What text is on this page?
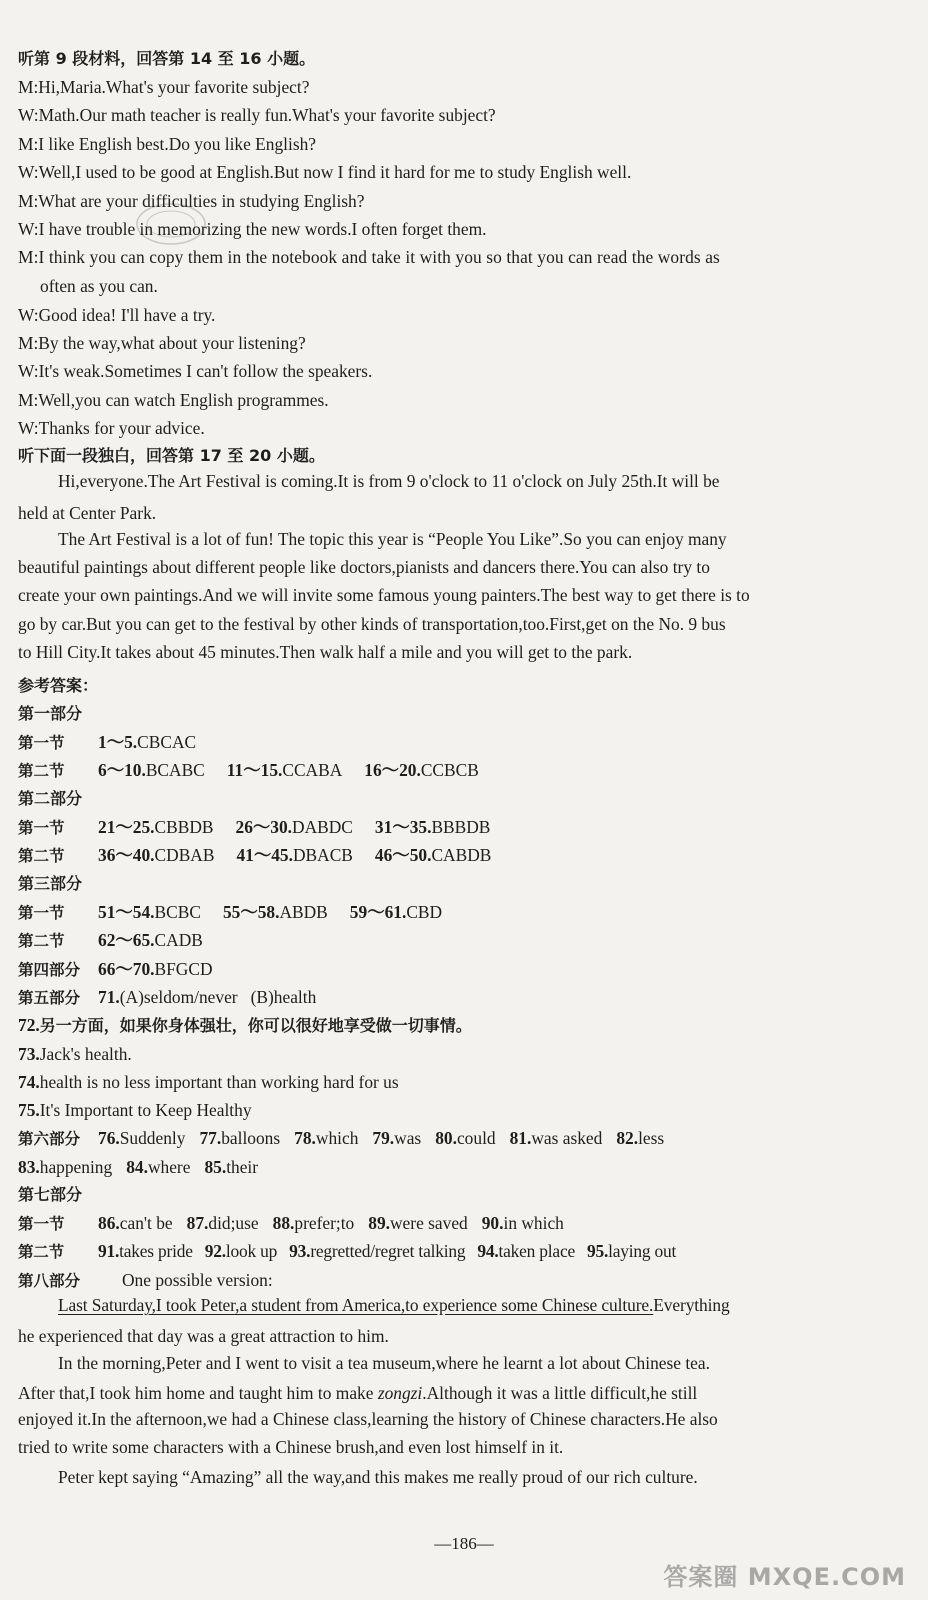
听第 9 段材料，回答第 14 至 16 小题。
M:Hi,Maria.What's your favorite subject?
W:Math.Our math teacher is really fun.What's your favorite subject?
M:I like English best.Do you like English?
W:Well,I used to be good at English.But now I find it hard for me to study English well.
M:What are your difficulties in studying English?
W:I have trouble in memorizing the new words.I often forget them.
M:I think you can copy them in the notebook and take it with you so that you can read the words as
often as you can.
W:Good idea! I'll have a try.
M:By the way,what about your listening?
W:It's weak.Sometimes I can't follow the speakers.
M:Well,you can watch English programmes.
W:Thanks for your advice.
听下面一段独白，回答第 17 至 20 小题。
Hi,everyone.The Art Festival is coming.It is from 9 o'clock to 11 o'clock on July 25th.It will be
held at Center Park.
The Art Festival is a lot of fun! The topic this year is “People You Like”.So you can enjoy many
beautiful paintings about different people like doctors,pianists and dancers there.You can also try to
create your own paintings.And we will invite some famous young painters.The best way to get there is to
go by car.But you can get to the festival by other kinds of transportation,too.First,get on the No. 9 bus
to Hill City.It takes about 45 minutes.Then walk half a mile and you will get to the park.
参考答案：
第一部分
第一节 1～5.CBCAC
第二节 6～10.BCABC 11～15.CCABA 16～20.CCBCB
第二部分
第一节 21～25.CBBDB 26～30.DABDC 31～35.BBBDB
第二节 36～40.CDBAB 41～45.DBACB 46～50.CABDB
第三部分
第一节 51～54.BCBC 55～58.ABDB 59～61.CBD
第二节 62～65.CADB
第四部分 66～70.BFGCD
第五部分 71.(A)seldom/never   (B)health
72.另一方面，如果你身体强壮，你可以很好地享受做一切事情。
73.Jack's health.
74.health is no less important than working hard for us
75.It's Important to Keep Healthy
第六部分 76.Suddenly 77.balloons 78.which 79.was 80.could 81.was asked 82.less
83.happening 84.where 85.their
第七部分
第一节 86.can't be 87.did;use 88.prefer;to 89.were saved 90.in which
第二节 91.takes pride 92.look up 93.regretted/regret talking 94.taken place 95.laying out
第八部分 One possible version:
Last Saturday,I took Peter,a student from America,to experience some Chinese culture.Everything
he experienced that day was a great attraction to him.
In the morning,Peter and I went to visit a tea museum,where he learnt a lot about Chinese tea.
After that,I took him home and taught him to make zongzi.Although it was a little difficult,he still
enjoyed it.In the afternoon,we had a Chinese class,learning the history of Chinese characters.He also
tried to write some characters with a Chinese brush,and even lost himself in it.
Peter kept saying “Amazing” all the way,and this makes me really proud of our rich culture.
—186—
答案圈 MXQE.COM
